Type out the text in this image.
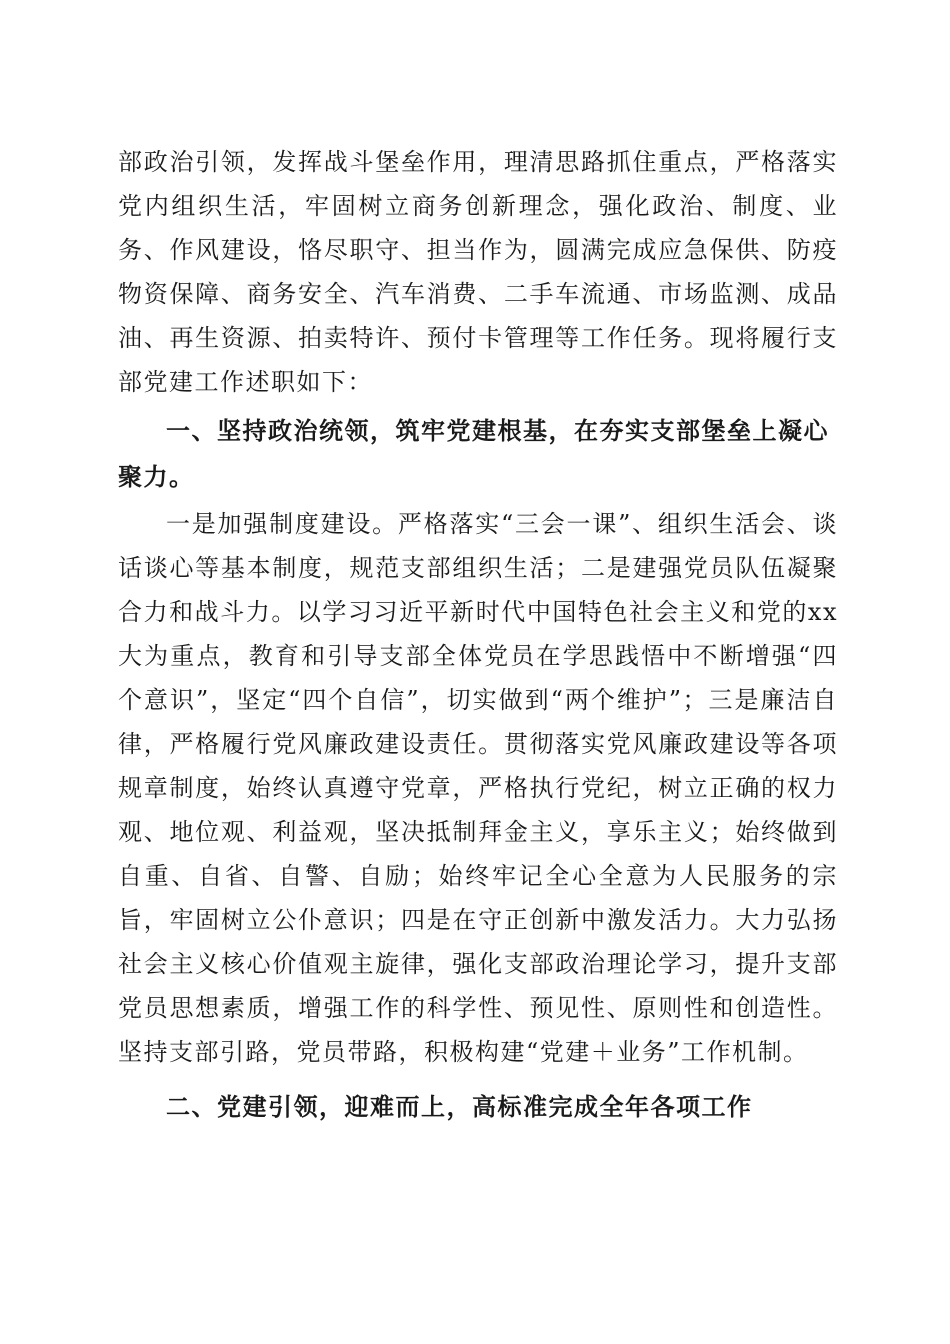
部政治引领，发挥战斗堡垒作用，理清思路抓住重点，严格落实党内组织生活，牢固树立商务创新理念，强化政治、制度、业务、作风建设，恪尽职守、担当作为，圆满完成应急保供、防疫物资保障、商务安全、汽车消费、二手车流通、市场监测、成品油、再生资源、拍卖特许、预付卡管理等工作任务。现将履行支部党建工作述职如下：

一、坚持政治统领，筑牢党建根基，在夯实支部堡垒上凝心聚力。

一是加强制度建设。严格落实“三会一课”、组织生活会、谈话谈心等基本制度，规范支部组织生活；二是建强党员队伍凝聚合力和战斗力。以学习习近平新时代中国特色社会主义和党的xx大为重点，教育和引导支部全体党员在学思践悟中不断增强“四个意识”，坚定“四个自信”，切实做到“两个维护”；三是廉洁自律，严格履行党风廉政建设责任。贯彻落实党风廉政建设等各项规章制度，始终认真遵守党章，严格执行党纪，树立正确的权力观、地位观、利益观，坚决抵制拜金主义，享乐主义；始终做到自重、自省、自警、自励；始终牢记全心全意为人民服务的宗旨，牢固树立公仆意识；四是在守正创新中激发活力。大力弘扬社会主义核心价值观主旋律，强化支部政治理论学习，提升支部党员思想素质，增强工作的科学性、预见性、原则性和创造性。坚持支部引路，党员带路，积极构建“党建＋业务”工作机制。

二、党建引领，迎难而上，高标准完成全年各项工作
